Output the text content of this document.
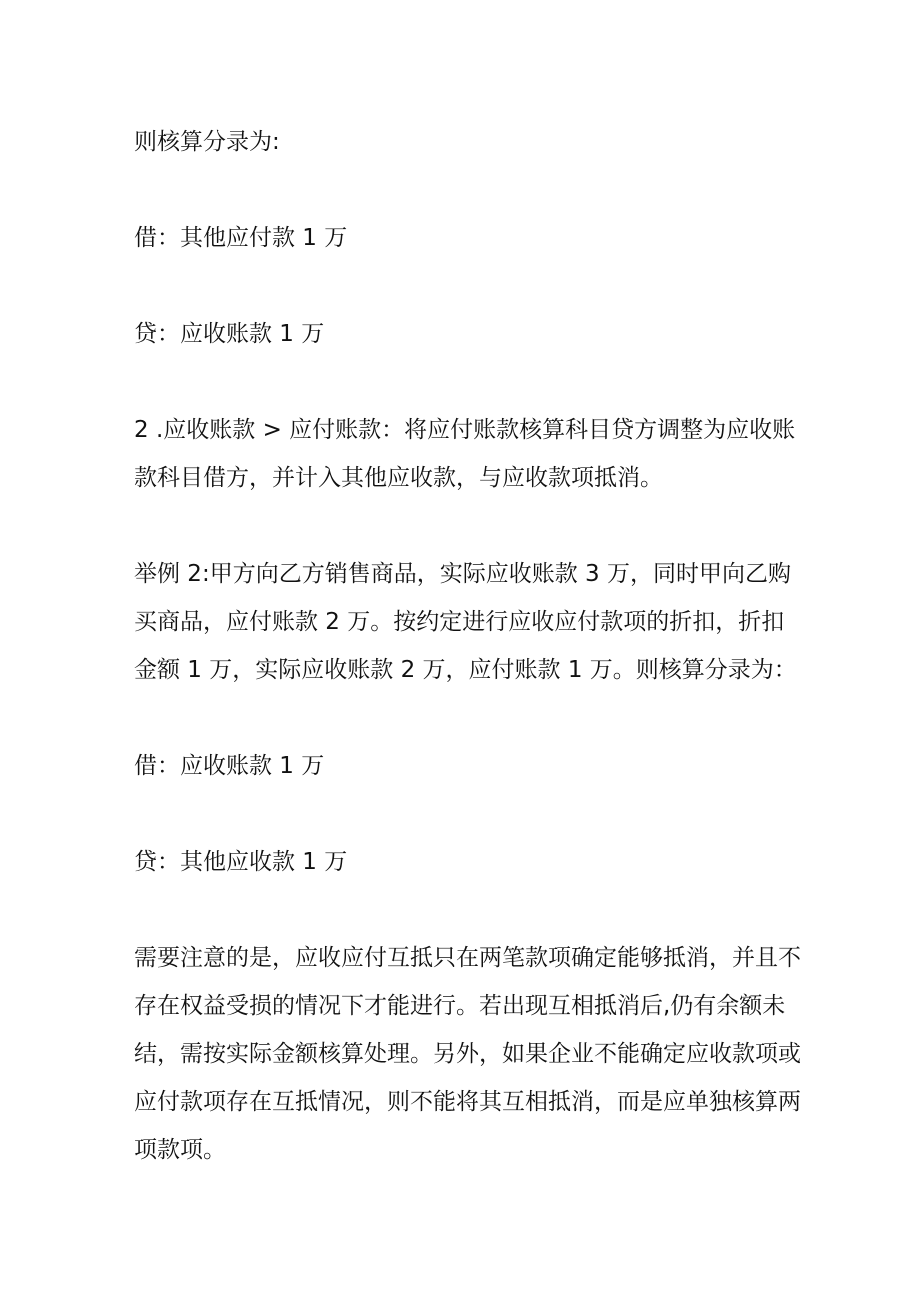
则核算分录为:

借：其他应付款 1 万

贷：应收账款 1 万

2 .应收账款 > 应付账款：将应付账款核算科目贷方调整为应收账款科目借方，并计入其他应收款，与应收款项抵消。

举例 2:甲方向乙方销售商品，实际应收账款 3 万，同时甲向乙购买商品，应付账款 2 万。按约定进行应收应付款项的折扣，折扣金额 1 万，实际应收账款 2 万，应付账款 1 万。则核算分录为：

借：应收账款 1 万

贷：其他应收款 1 万

需要注意的是，应收应付互抵只在两笔款项确定能够抵消，并且不存在权益受损的情况下才能进行。若出现互相抵消后,仍有余额未结，需按实际金额核算处理。另外，如果企业不能确定应收款项或应付款项存在互抵情况，则不能将其互相抵消，而是应单独核算两项款项。
